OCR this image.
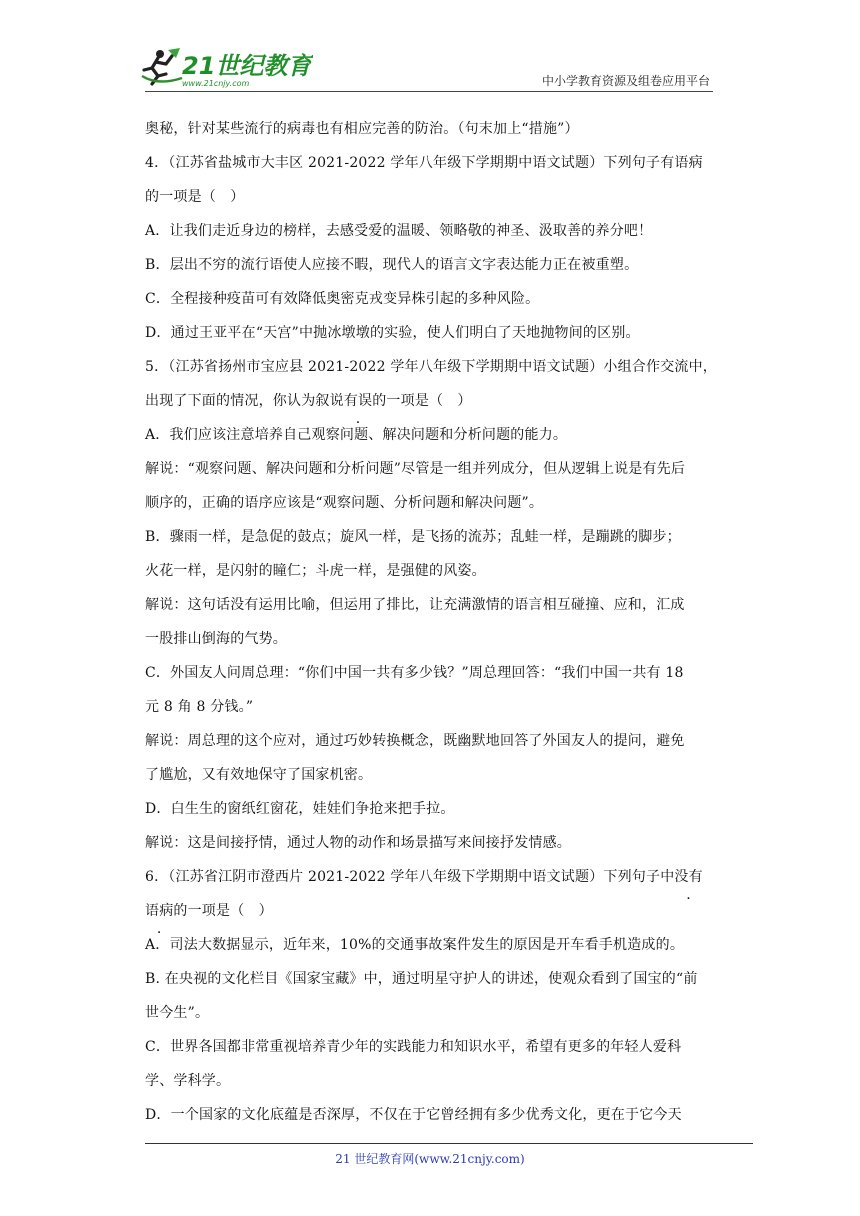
21世纪教育
www.21cnjy.com	中小学教育资源及组卷应用平台
奥秘，针对某些流行的病毒也有相应完善的防治。（句末加上“措施”）
4．（江苏省盐城市大丰区 2021-2022 学年八年级下学期期中语文试题）下列句子有语病
的一项是（　）
A．让我们走近身边的榜样，去感受爱的温暖、领略敬的神圣、汲取善的养分吧！
B．层出不穷的流行语使人应接不暇，现代人的语言文字表达能力正在被重塑。
C．全程接种疫苗可有效降低奥密克戎变异株引起的多种风险。
D．通过王亚平在“天宫”中抛冰墩墩的实验，使人们明白了天地抛物间的区别。
5．（江苏省扬州市宝应县 2021-2022 学年八年级下学期期中语文试题）小组合作交流中，
出现了下面的情况，你认为叙说有误的一项是（　）
A．我们应该注意培养自己观察问题、解决问题和分析问题的能力。
解说：“观察问题、解决问题和分析问题”尽管是一组并列成分，但从逻辑上说是有先后
顺序的，正确的语序应该是“观察问题、分析问题和解决问题”。
B．骤雨一样，是急促的鼓点；旋风一样，是飞扬的流苏；乱蛙一样，是蹦跳的脚步；
火花一样，是闪射的瞳仁；斗虎一样，是强健的风姿。
解说：这句话没有运用比喻，但运用了排比，让充满激情的语言相互碰撞、应和，汇成
一股排山倒海的气势。
C．外国友人问周总理：“你们中国一共有多少钱？”周总理回答：“我们中国一共有 18
元 8 角 8 分钱。”
解说：周总理的这个应对，通过巧妙转换概念，既幽默地回答了外国友人的提问，避免
了尴尬，又有效地保守了国家机密。
D．白生生的窗纸红窗花，娃娃们争抢来把手拉。
解说：这是间接抒情，通过人物的动作和场景描写来间接抒发情感。
6．（江苏省江阴市澄西片 2021-2022 学年八年级下学期期中语文试题）下列句子中没有
语病的一项是（　）
A．司法大数据显示，近年来，10%的交通事故案件发生的原因是开车看手机造成的。
B. 在央视的文化栏目《国家宝藏》中，通过明星守护人的讲述，使观众看到了国宝的“前
世今生”。
C．世界各国都非常重视培养青少年的实践能力和知识水平，希望有更多的年轻人爱科
学、学科学。
D．一个国家的文化底蕴是否深厚，不仅在于它曾经拥有多少优秀文化，更在于它今天
21 世纪教育网(www.21cnjy.com)
